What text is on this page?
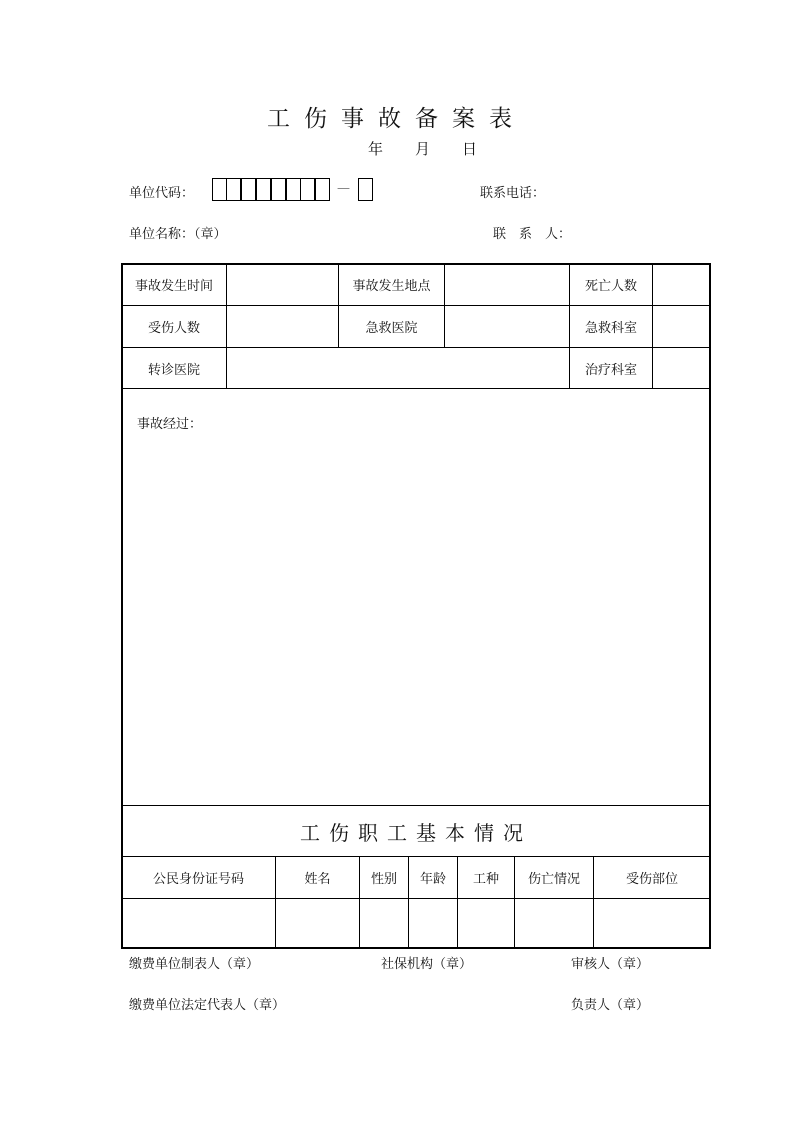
工伤事故备案表
年 月 日
单位代码：	—	联系电话：
单位名称：（章）	联　系　人：
事故发生时间	事故发生地点	死亡人数
受伤人数	急救医院	急救科室
转诊医院	治疗科室
事故经过：
工伤职工基本情况
公民身份证号码	姓名	性别	年龄	工种	伤亡情况	受伤部位
缴费单位制表人（章）	社保机构（章）	审核人（章）
缴费单位法定代表人（章）	负责人（章）
